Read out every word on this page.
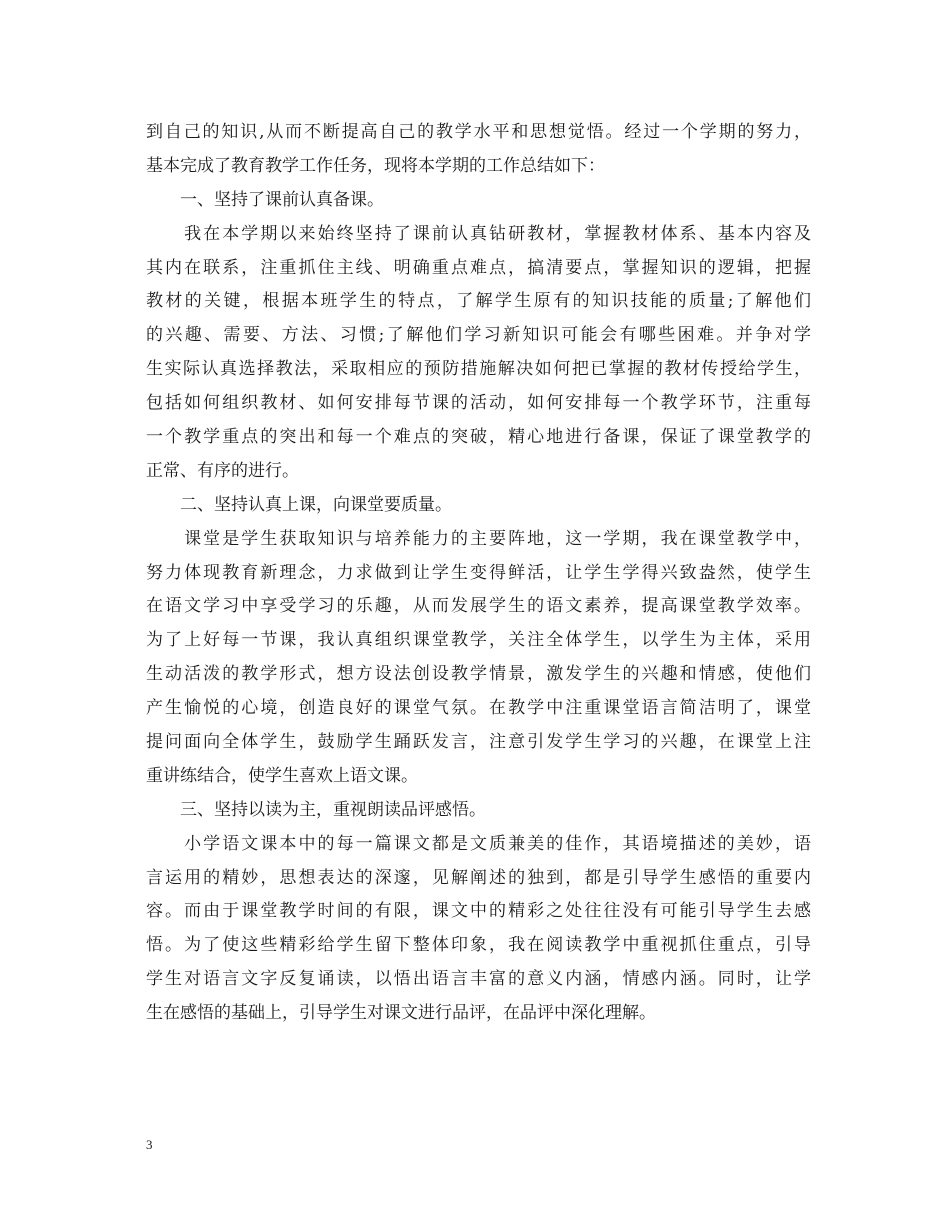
到自己的知识,从而不断提高自己的教学水平和思想觉悟。经过一个学期的努力，
基本完成了教育教学工作任务，现将本学期的工作总结如下：
　　一、坚持了课前认真备课。
　　我在本学期以来始终坚持了课前认真钻研教材，掌握教材体系、基本内容及
其内在联系，注重抓住主线、明确重点难点，搞清要点，掌握知识的逻辑，把握
教材的关键，根据本班学生的特点，了解学生原有的知识技能的质量;了解他们
的兴趣、需要、方法、习惯;了解他们学习新知识可能会有哪些困难。并争对学
生实际认真选择教法，采取相应的预防措施解决如何把已掌握的教材传授给学生，
包括如何组织教材、如何安排每节课的活动，如何安排每一个教学环节，注重每
一个教学重点的突出和每一个难点的突破，精心地进行备课，保证了课堂教学的
正常、有序的进行。
　　二、坚持认真上课，向课堂要质量。
　　课堂是学生获取知识与培养能力的主要阵地，这一学期，我在课堂教学中，
努力体现教育新理念，力求做到让学生变得鲜活，让学生学得兴致盎然，使学生
在语文学习中享受学习的乐趣，从而发展学生的语文素养，提高课堂教学效率。
为了上好每一节课，我认真组织课堂教学，关注全体学生，以学生为主体，采用
生动活泼的教学形式，想方设法创设教学情景，激发学生的兴趣和情感，使他们
产生愉悦的心境，创造良好的课堂气氛。在教学中注重课堂语言简洁明了，课堂
提问面向全体学生，鼓励学生踊跃发言，注意引发学生学习的兴趣，在课堂上注
重讲练结合，使学生喜欢上语文课。
　　三、坚持以读为主，重视朗读品评感悟。
　　小学语文课本中的每一篇课文都是文质兼美的佳作，其语境描述的美妙，语
言运用的精妙，思想表达的深邃，见解阐述的独到，都是引导学生感悟的重要内
容。而由于课堂教学时间的有限，课文中的精彩之处往往没有可能引导学生去感
悟。为了使这些精彩给学生留下整体印象，我在阅读教学中重视抓住重点，引导
学生对语言文字反复诵读，以悟出语言丰富的意义内涵，情感内涵。同时，让学
生在感悟的基础上，引导学生对课文进行品评，在品评中深化理解。
3
